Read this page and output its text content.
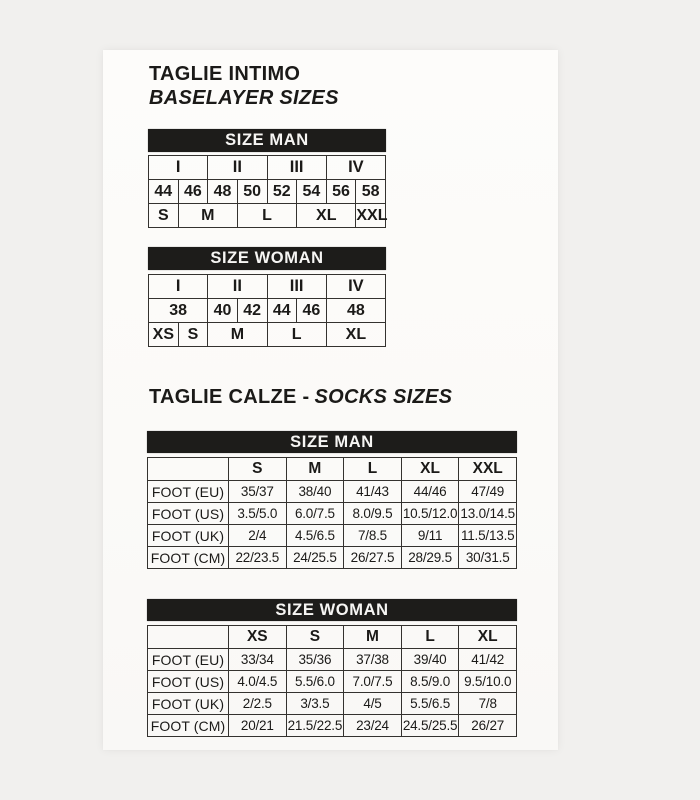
TAGLIE INTIMO
BASELAYER SIZES
SIZE MAN
I		II		III		IV	
44	46	48	50	52	54	56	58
S	M		L		XL		XXL
SIZE WOMAN
I		II		III		IV
38		40	42	44	46	48
XS	S	M		L		XL
TAGLIE CALZE - SOCKS SIZES
SIZE MAN
	S	M	L	XL	XXL
FOOT (EU)	35/37	38/40	41/43	44/46	47/49
FOOT (US)	3.5/5.0	6.0/7.5	8.0/9.5	10.5/12.0	13.0/14.5
FOOT (UK)	2/4	4.5/6.5	7/8.5	9/11	11.5/13.5
FOOT (CM)	22/23.5	24/25.5	26/27.5	28/29.5	30/31.5
SIZE WOMAN
	XS	S	M	L	XL
FOOT (EU)	33/34	35/36	37/38	39/40	41/42
FOOT (US)	4.0/4.5	5.5/6.0	7.0/7.5	8.5/9.0	9.5/10.0
FOOT (UK)	2/2.5	3/3.5	4/5	5.5/6.5	7/8
FOOT (CM)	20/21	21.5/22.5	23/24	24.5/25.5	26/27
